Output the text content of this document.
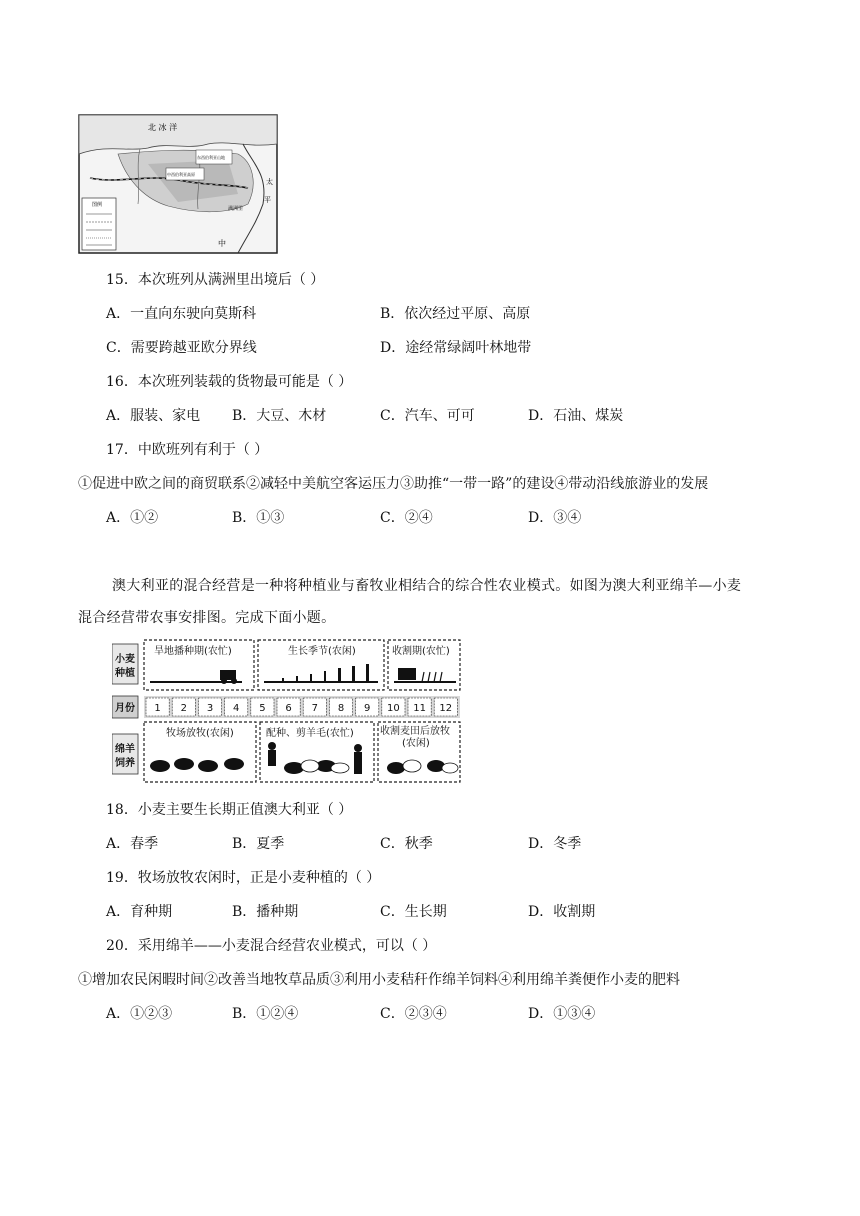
北 冰 洋
满洲里
东西伯利亚山地
中西伯利亚高原
中
太
平
图例
15．本次班列从满洲里出境后（ ）
A．一直向东驶向莫斯科	B．依次经过平原、高原
C．需要跨越亚欧分界线	D．途经常绿阔叶林地带
16．本次班列装载的货物最可能是（ ）
A．服装、家电 B．大豆、木材	C．汽车、可可	D．石油、煤炭
17．中欧班列有利于（ ）
①促进中欧之间的商贸联系②减轻中美航空客运压力③助推“一带一路”的建设④带动沿线旅游业的发展
A．①②	B．①③	C．②④	D．③④
澳大利亚的混合经营是一种将种植业与畜牧业相结合的综合性农业模式。如图为澳大利亚绵羊—小麦
混合经营带农事安排图。完成下面小题。
小麦
种植
月份
绵羊
饲养
旱地播种期(农忙)	生长季节(农闲)	收割期(农忙)
1 2 3 4 5 6 7 8 9 10 11 12
牧场放牧(农闲)	配种、剪羊毛(农忙)	收割麦田后放牧
(农闲)
18．小麦主要生长期正值澳大利亚（ ）
A．春季	B．夏季	C．秋季	D．冬季
19．牧场放牧农闲时，正是小麦种植的（ ）
A．育种期	B．播种期	C．生长期	D．收割期
20．采用绵羊——小麦混合经营农业模式，可以（ ）
①增加农民闲暇时间②改善当地牧草品质③利用小麦秸秆作绵羊饲料④利用绵羊粪便作小麦的肥料
A．①②③	B．①②④	C．②③④	D．①③④
